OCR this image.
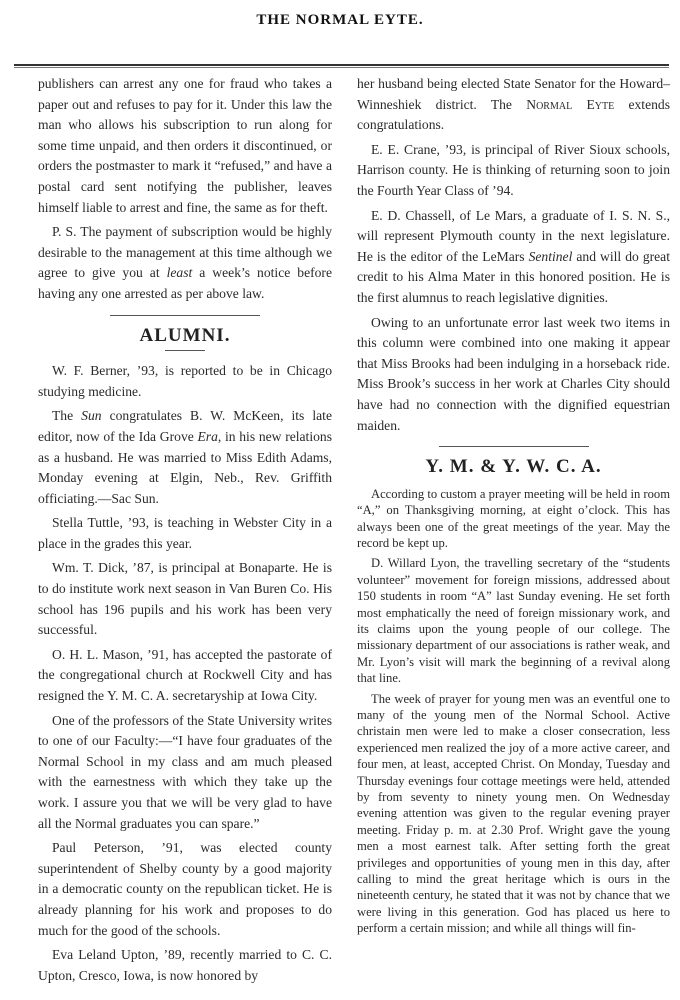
THE NORMAL EYTE.

publishers can arrest any one for fraud who takes a paper out and refuses to pay for it. Under this law the man who allows his subscription to run along for some time unpaid, and then orders it discontinued, or orders the postmaster to mark it “refused,” and have a postal card sent notifying the publisher, leaves himself liable to arrest and fine, the same as for theft.

P. S. The payment of subscription would be highly desirable to the management at this time although we agree to give you at least a week’s notice before having any one arrested as per above law.

ALUMNI.

W. F. Berner, ’93, is reported to be in Chicago studying medicine.

The Sun congratulates B. W. McKeen, its late editor, now of the Ida Grove Era, in his new relations as a husband. He was married to Miss Edith Adams, Monday evening at Elgin, Neb., Rev. Griffith officiating.—Sac Sun.

Stella Tuttle, ’93, is teaching in Webster City in a place in the grades this year.

Wm. T. Dick, ’87, is principal at Bonaparte. He is to do institute work next season in Van Buren Co. His school has 196 pupils and his work has been very successful.

O. H. L. Mason, ’91, has accepted the pastorate of the congregational church at Rockwell City and has resigned the Y. M. C. A. secretaryship at Iowa City.

One of the professors of the State University writes to one of our Faculty:—“I have four graduates of the Normal School in my class and am much pleased with the earnestness with which they take up the work. I assure you that we will be very glad to have all the Normal graduates you can spare.”

Paul Peterson, ’91, was elected county superintendent of Shelby county by a good majority in a democratic county on the republican ticket. He is already planning for his work and proposes to do much for the good of the schools.

Eva Leland Upton, ’89, recently married to C. C. Upton, Cresco, Iowa, is now honored by

her husband being elected State Senator for the Howard–Winneshiek district. The Normal Eyte extends congratulations.

E. E. Crane, ’93, is principal of River Sioux schools, Harrison county. He is thinking of returning soon to join the Fourth Year Class of ’94.

E. D. Chassell, of Le Mars, a graduate of I. S. N. S., will represent Plymouth county in the next legislature. He is the editor of the LeMars Sentinel and will do great credit to his Alma Mater in this honored position. He is the first alumnus to reach legislative dignities.

Owing to an unfortunate error last week two items in this column were combined into one making it appear that Miss Brooks had been indulging in a horseback ride. Miss Brook’s success in her work at Charles City should have had no connection with the dignified equestrian maiden.

Y. M. & Y. W. C. A.

According to custom a prayer meeting will be held in room “A,” on Thanksgiving morning, at eight o’clock. This has always been one of the great meetings of the year. May the record be kept up.

D. Willard Lyon, the travelling secretary of the “students volunteer” movement for foreign missions, addressed about 150 students in room “A” last Sunday evening. He set forth most emphatically the need of foreign missionary work, and its claims upon the young people of our college. The missionary department of our associations is rather weak, and Mr. Lyon’s visit will mark the beginning of a revival along that line.

The week of prayer for young men was an eventful one to many of the young men of the Normal School. Active christain men were led to make a closer consecration, less experienced men realized the joy of a more active career, and four men, at least, accepted Christ. On Monday, Tuesday and Thursday evenings four cottage meetings were held, attended by from seventy to ninety young men. On Wednesday evening attention was given to the regular evening prayer meeting. Friday p. m. at 2.30 Prof. Wright gave the young men a most earnest talk. After setting forth the great privileges and opportunities of young men in this day, after calling to mind the great heritage which is ours in the nineteenth century, he stated that it was not by chance that we were living in this generation. God has placed us here to perform a certain mission; and while all things will fin-
